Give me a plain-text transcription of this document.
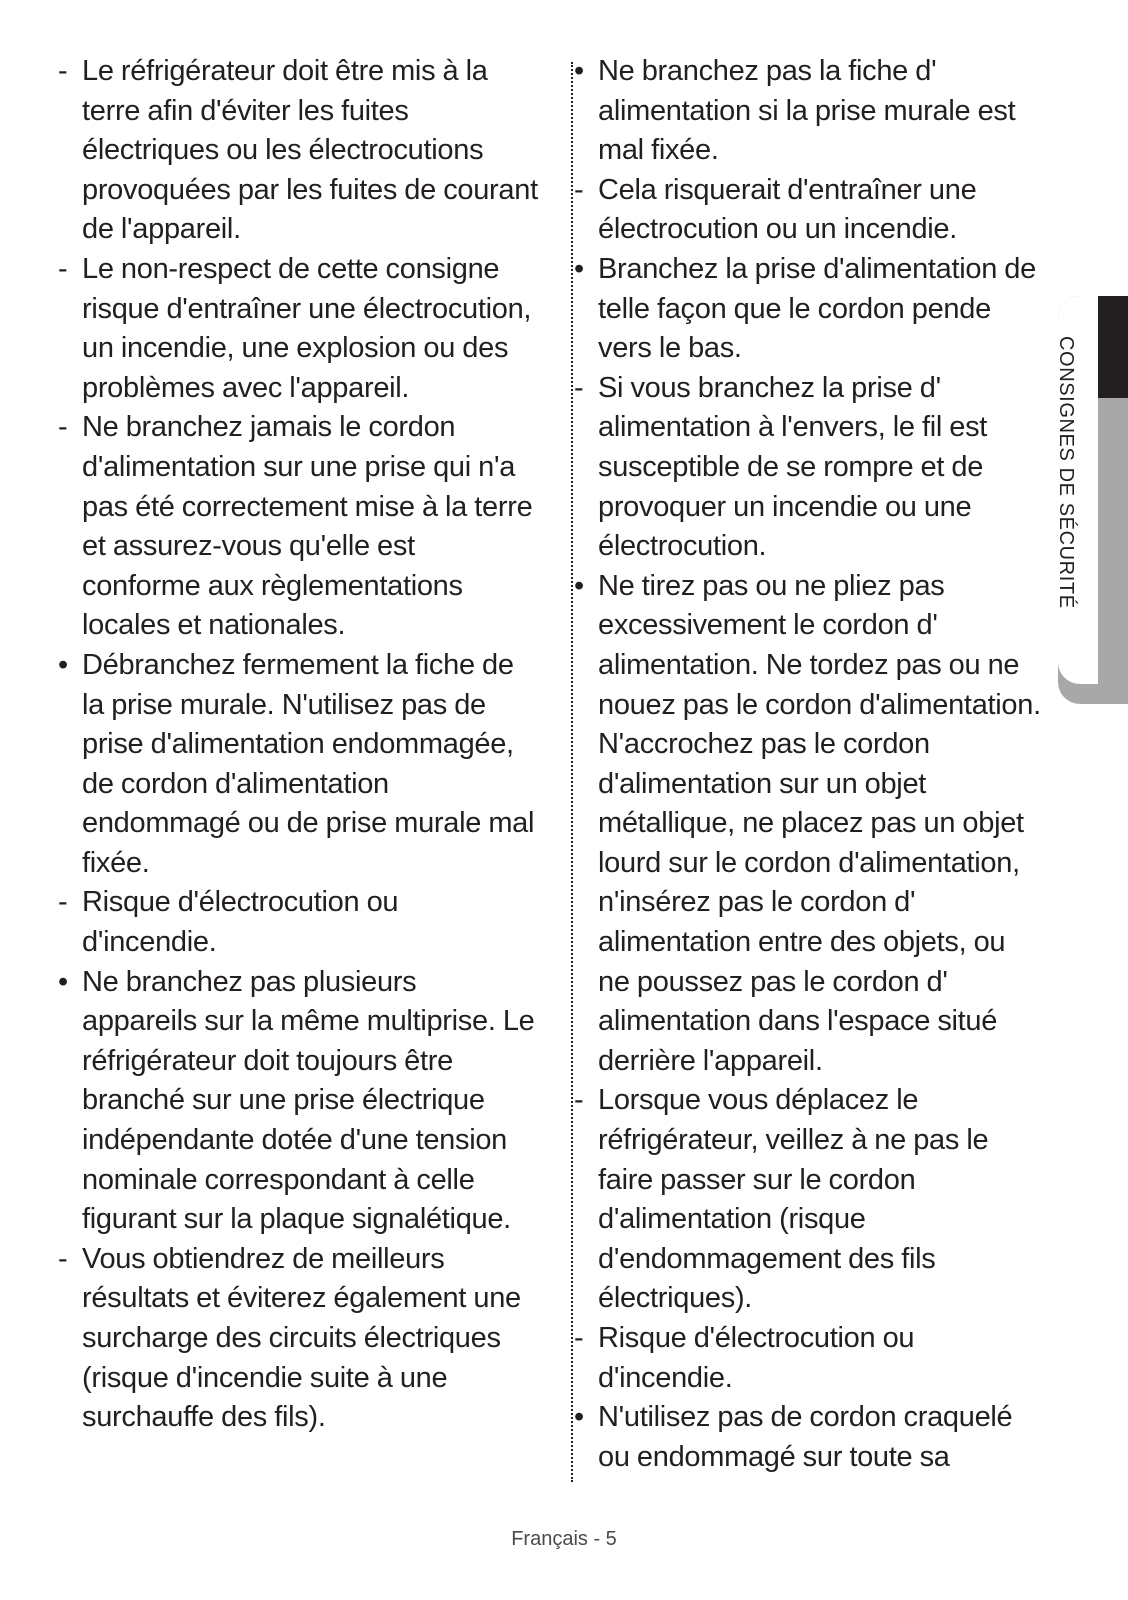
- Le réfrigérateur doit être mis à la terre afin d'éviter les fuites électriques ou les électrocutions provoquées par les fuites de courant de l'appareil.
- Le non-respect de cette consigne risque d'entraîner une électrocution, un incendie, une explosion ou des problèmes avec l'appareil.
- Ne branchez jamais le cordon d'alimentation sur une prise qui n'a pas été correctement mise à la terre et assurez-vous qu'elle est conforme aux règlementations locales et nationales.
• Débranchez fermement la fiche de la prise murale. N'utilisez pas de prise d'alimentation endommagée, de cordon d'alimentation endommagé ou de prise murale mal fixée.
- Risque d'électrocution ou d'incendie.
• Ne branchez pas plusieurs appareils sur la même multiprise. Le réfrigérateur doit toujours être branché sur une prise électrique indépendante dotée d'une tension nominale correspondant à celle figurant sur la plaque signalétique.
- Vous obtiendrez de meilleurs résultats et éviterez également une surcharge des circuits électriques (risque d'incendie suite à une surchauffe des fils).
• Ne branchez pas la fiche d' alimentation si la prise murale est mal fixée.
- Cela risquerait d'entraîner une électrocution ou un incendie.
• Branchez la prise d'alimentation de telle façon que le cordon pende vers le bas.
- Si vous branchez la prise d' alimentation à l'envers, le fil est susceptible de se rompre et de provoquer un incendie ou une électrocution.
• Ne tirez pas ou ne pliez pas excessivement le cordon d' alimentation. Ne tordez pas ou ne nouez pas le cordon d'alimentation. N'accrochez pas le cordon d'alimentation sur un objet métallique, ne placez pas un objet lourd sur le cordon d'alimentation, n'insérez pas le cordon d' alimentation entre des objets, ou ne poussez pas le cordon d' alimentation dans l'espace situé derrière l'appareil.
- Lorsque vous déplacez le réfrigérateur, veillez à ne pas le faire passer sur le cordon d'alimentation (risque d'endommagement des fils électriques).
- Risque d'électrocution ou d'incendie.
• N'utilisez pas de cordon craquelé ou endommagé sur toute sa
CONSIGNES DE SÉCURITÉ
Français - 5
